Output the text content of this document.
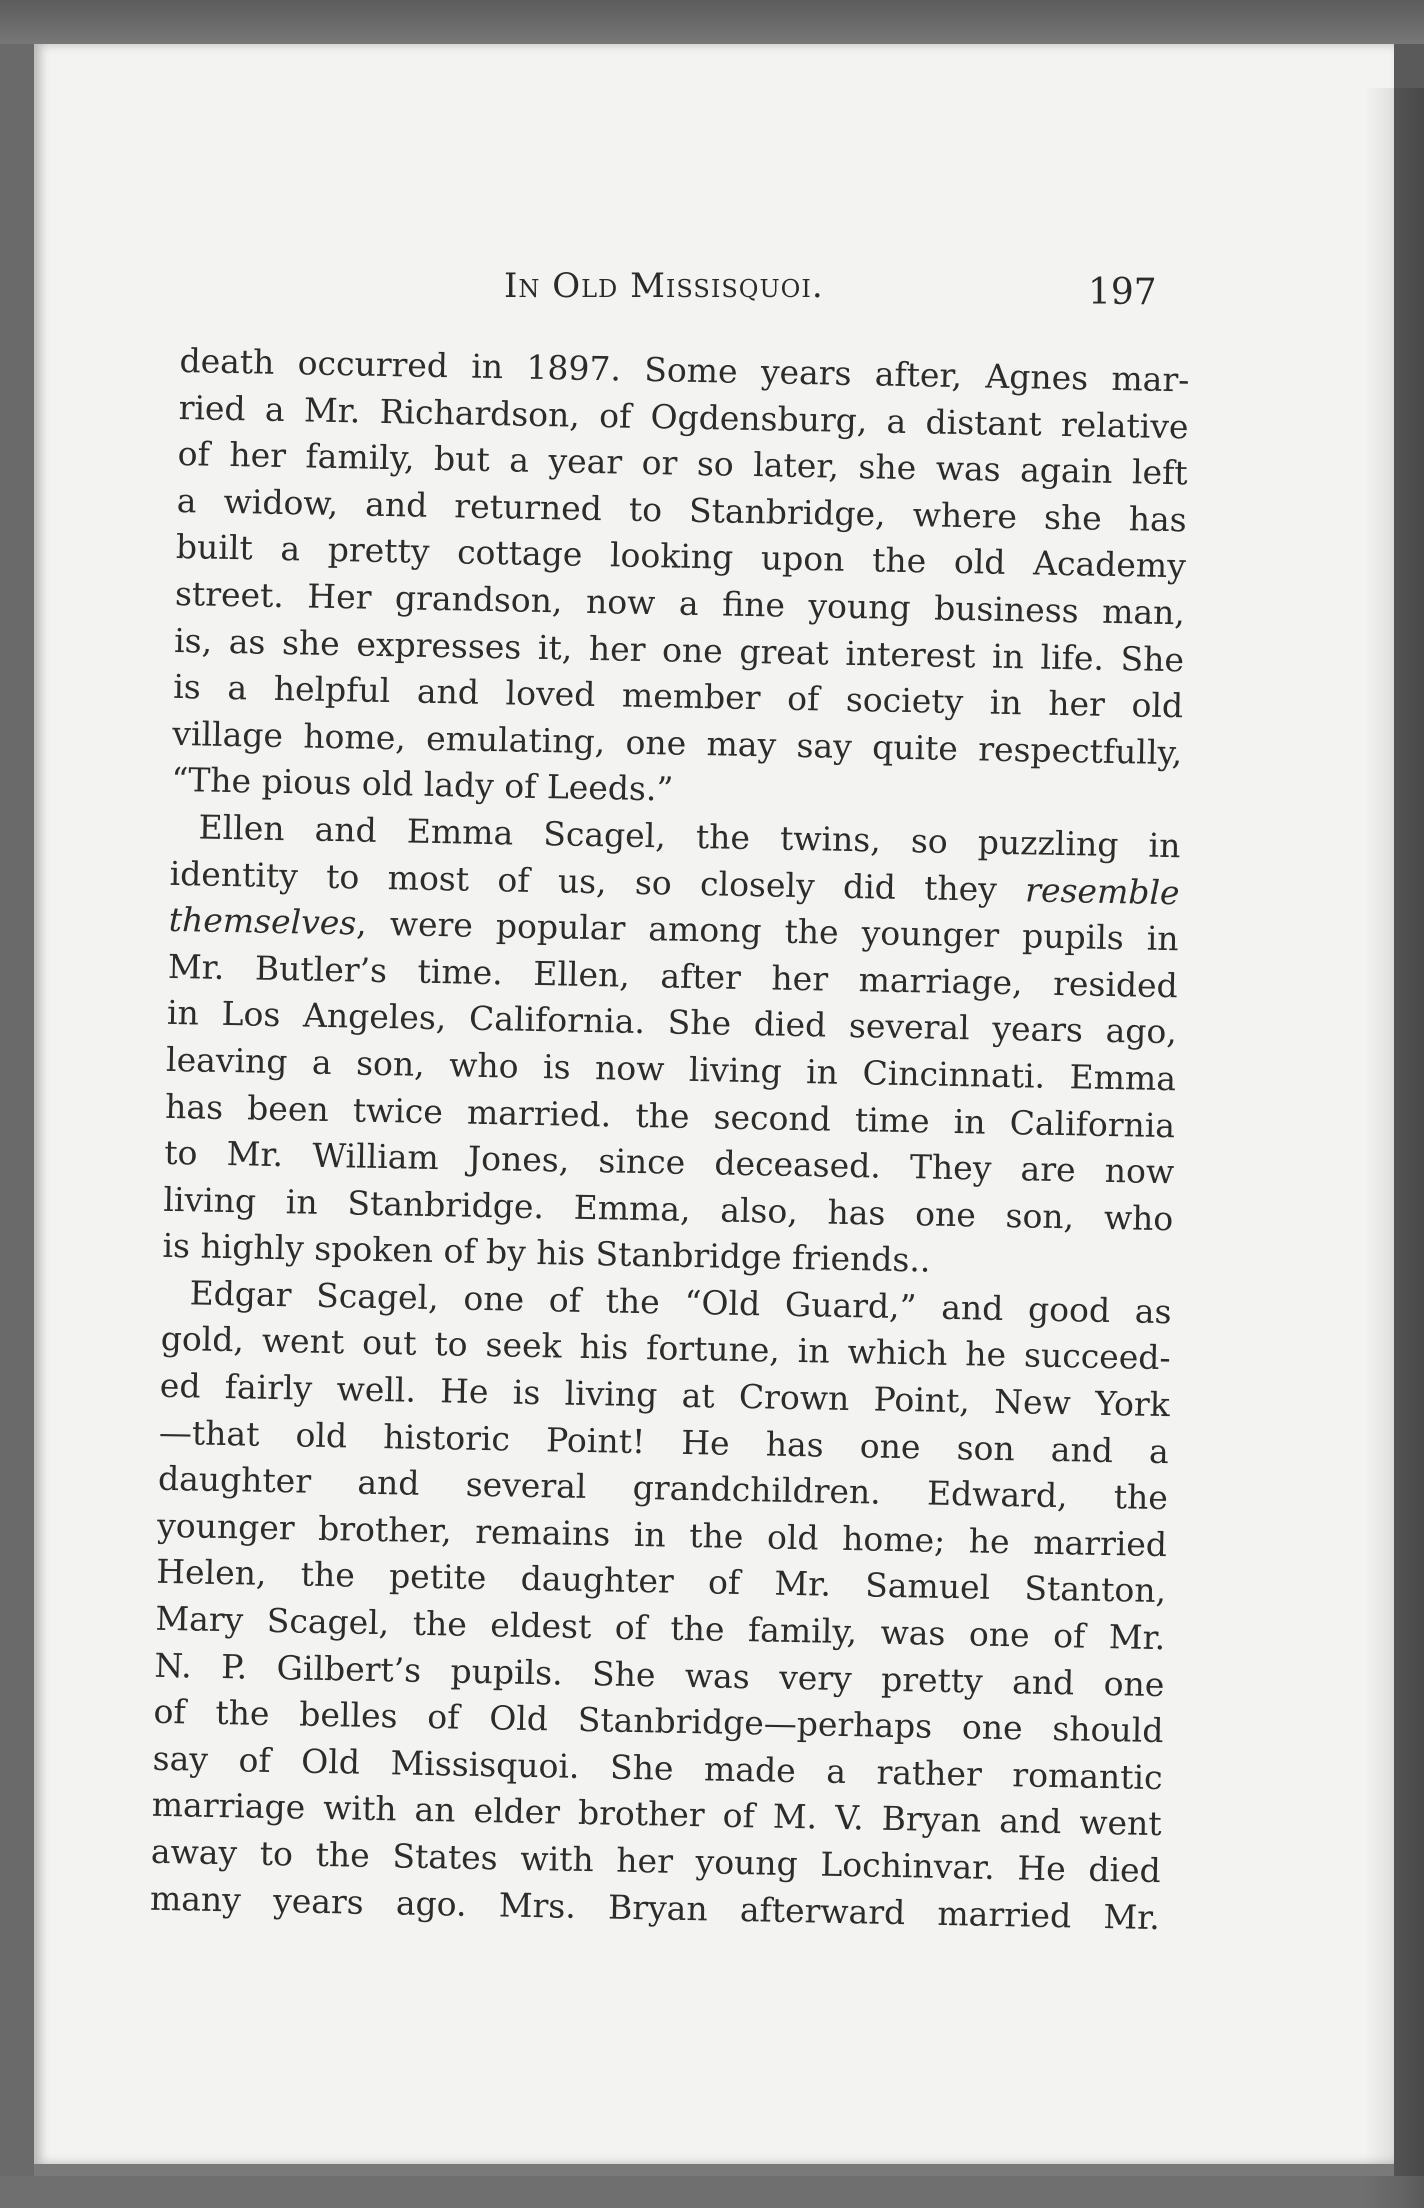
In Old Missisquoi.	197
death occurred in 1897. Some years after, Agnes mar-
ried a Mr. Richardson, of Ogdensburg, a distant relative
of her family, but a year or so later, she was again left
a widow, and returned to Stanbridge, where she has
built a pretty cottage looking upon the old Academy
street. Her grandson, now a fine young business man,
is, as she expresses it, her one great interest in life. She
is a helpful and loved member of society in her old
village home, emulating, one may say quite respectfully,
“The pious old lady of Leeds.”
Ellen and Emma Scagel, the twins, so puzzling in
identity to most of us, so closely did they resemble
themselves, were popular among the younger pupils in
Mr. Butler’s time. Ellen, after her marriage, resided
in Los Angeles, California. She died several years ago,
leaving a son, who is now living in Cincinnati. Emma
has been twice married. the second time in California
to Mr. William Jones, since deceased. They are now
living in Stanbridge. Emma, also, has one son, who
is highly spoken of by his Stanbridge friends..
Edgar Scagel, one of the “Old Guard,” and good as
gold, went out to seek his fortune, in which he succeed-
ed fairly well. He is living at Crown Point, New York
—that old historic Point! He has one son and a
daughter and several grandchildren. Edward, the
younger brother, remains in the old home; he married
Helen, the petite daughter of Mr. Samuel Stanton,
Mary Scagel, the eldest of the family, was one of Mr.
N. P. Gilbert’s pupils. She was very pretty and one
of the belles of Old Stanbridge—perhaps one should
say of Old Missisquoi. She made a rather romantic
marriage with an elder brother of M. V. Bryan and went
away to the States with her young Lochinvar. He died
many years ago. Mrs. Bryan afterward married Mr.
